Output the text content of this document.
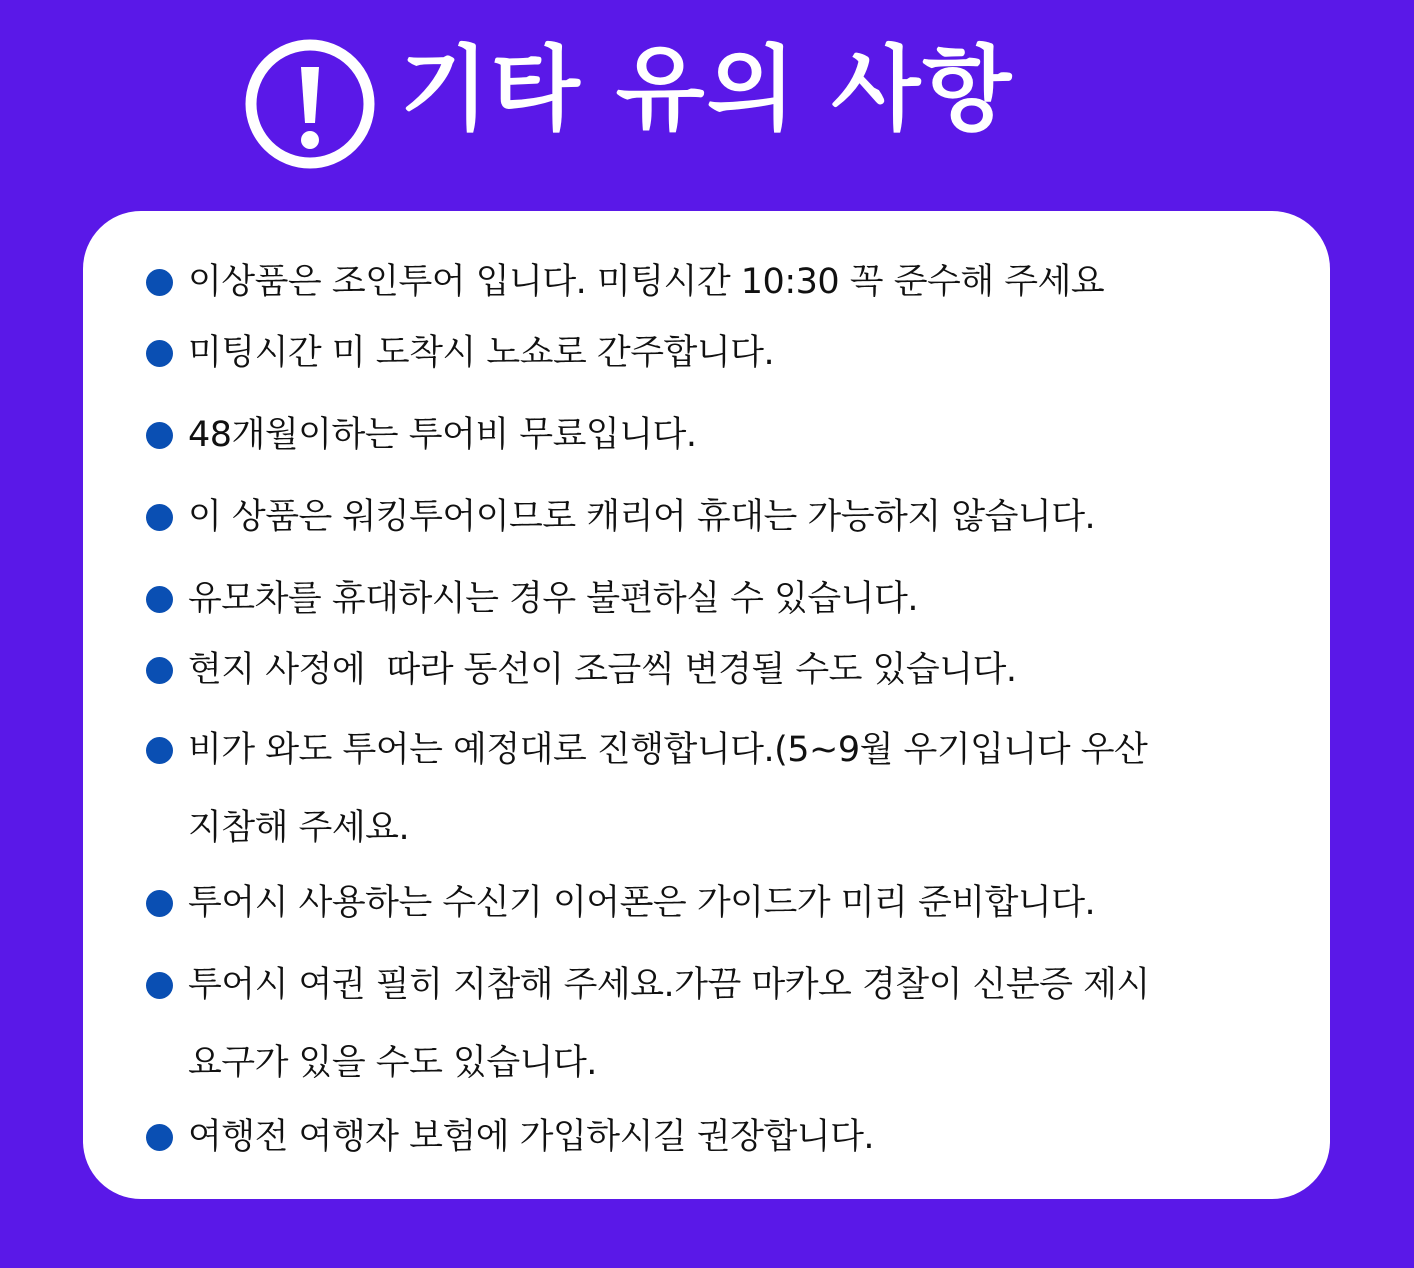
기타 유의 사항
이상품은 조인투어 입니다. 미팅시간 10:30 꼭 준수해 주세요
미팅시간 미 도착시 노쇼로 간주합니다.
48개월이하는 투어비 무료입니다.
이 상품은 워킹투어이므로 캐리어 휴대는 가능하지 않습니다.
유모차를 휴대하시는 경우 불편하실 수 있습니다.
현지 사정에  따라 동선이 조금씩 변경될 수도 있습니다.
비가 와도 투어는 예정대로 진행합니다.(5~9월 우기입니다 우산
지참해 주세요.
투어시 사용하는 수신기 이어폰은 가이드가 미리 준비합니다.
투어시 여권 필히 지참해 주세요.가끔 마카오 경찰이 신분증 제시
요구가 있을 수도 있습니다.
여행전 여행자 보험에 가입하시길 권장합니다.
